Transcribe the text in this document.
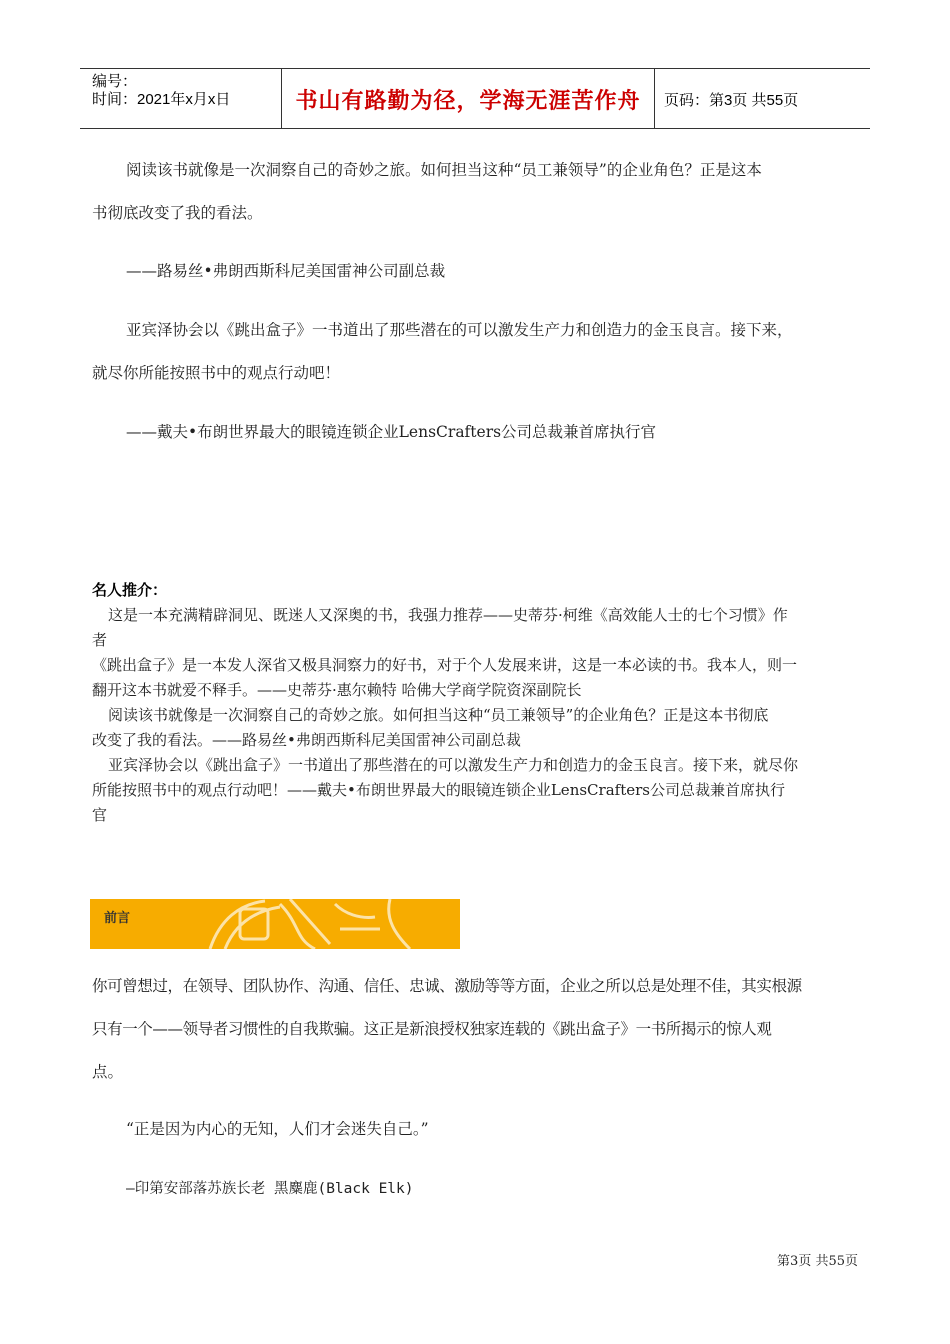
编号：
时间：2021年x月x日	书山有路勤为径，学海无涯苦作舟	页码：第3页 共55页
阅读该书就像是一次洞察自己的奇妙之旅。如何担当这种“员工兼领导”的企业角色？正是这本
书彻底改变了我的看法。
——路易丝•弗朗西斯科尼美国雷神公司副总裁
亚宾泽协会以《跳出盒子》一书道出了那些潜在的可以激发生产力和创造力的金玉良言。接下来，
就尽你所能按照书中的观点行动吧！
——戴夫•布朗世界最大的眼镜连锁企业LensCrafters公司总裁兼首席执行官
名人推介：
这是一本充满精辟洞见、既迷人又深奥的书，我强力推荐——史蒂芬·柯维《高效能人士的七个习惯》作
者
《跳出盒子》是一本发人深省又极具洞察力的好书，对于个人发展来讲，这是一本必读的书。我本人，则一
翻开这本书就爱不释手。——史蒂芬·惠尔赖特 哈佛大学商学院资深副院长
阅读该书就像是一次洞察自己的奇妙之旅。如何担当这种“员工兼领导”的企业角色？正是这本书彻底
改变了我的看法。——路易丝•弗朗西斯科尼美国雷神公司副总裁
亚宾泽协会以《跳出盒子》一书道出了那些潜在的可以激发生产力和创造力的金玉良言。接下来，就尽你
所能按照书中的观点行动吧！——戴夫•布朗世界最大的眼镜连锁企业LensCrafters公司总裁兼首席执行
官
前言
你可曾想过，在领导、团队协作、沟通、信任、忠诚、激励等等方面，企业之所以总是处理不佳，其实根源
只有一个——领导者习惯性的自我欺骗。这正是新浪授权独家连载的《跳出盒子》一书所揭示的惊人观
点。
“正是因为内心的无知，人们才会迷失自己。”
—印第安部落苏族长老 黑麋鹿(Black Elk)
第3页 共55页
